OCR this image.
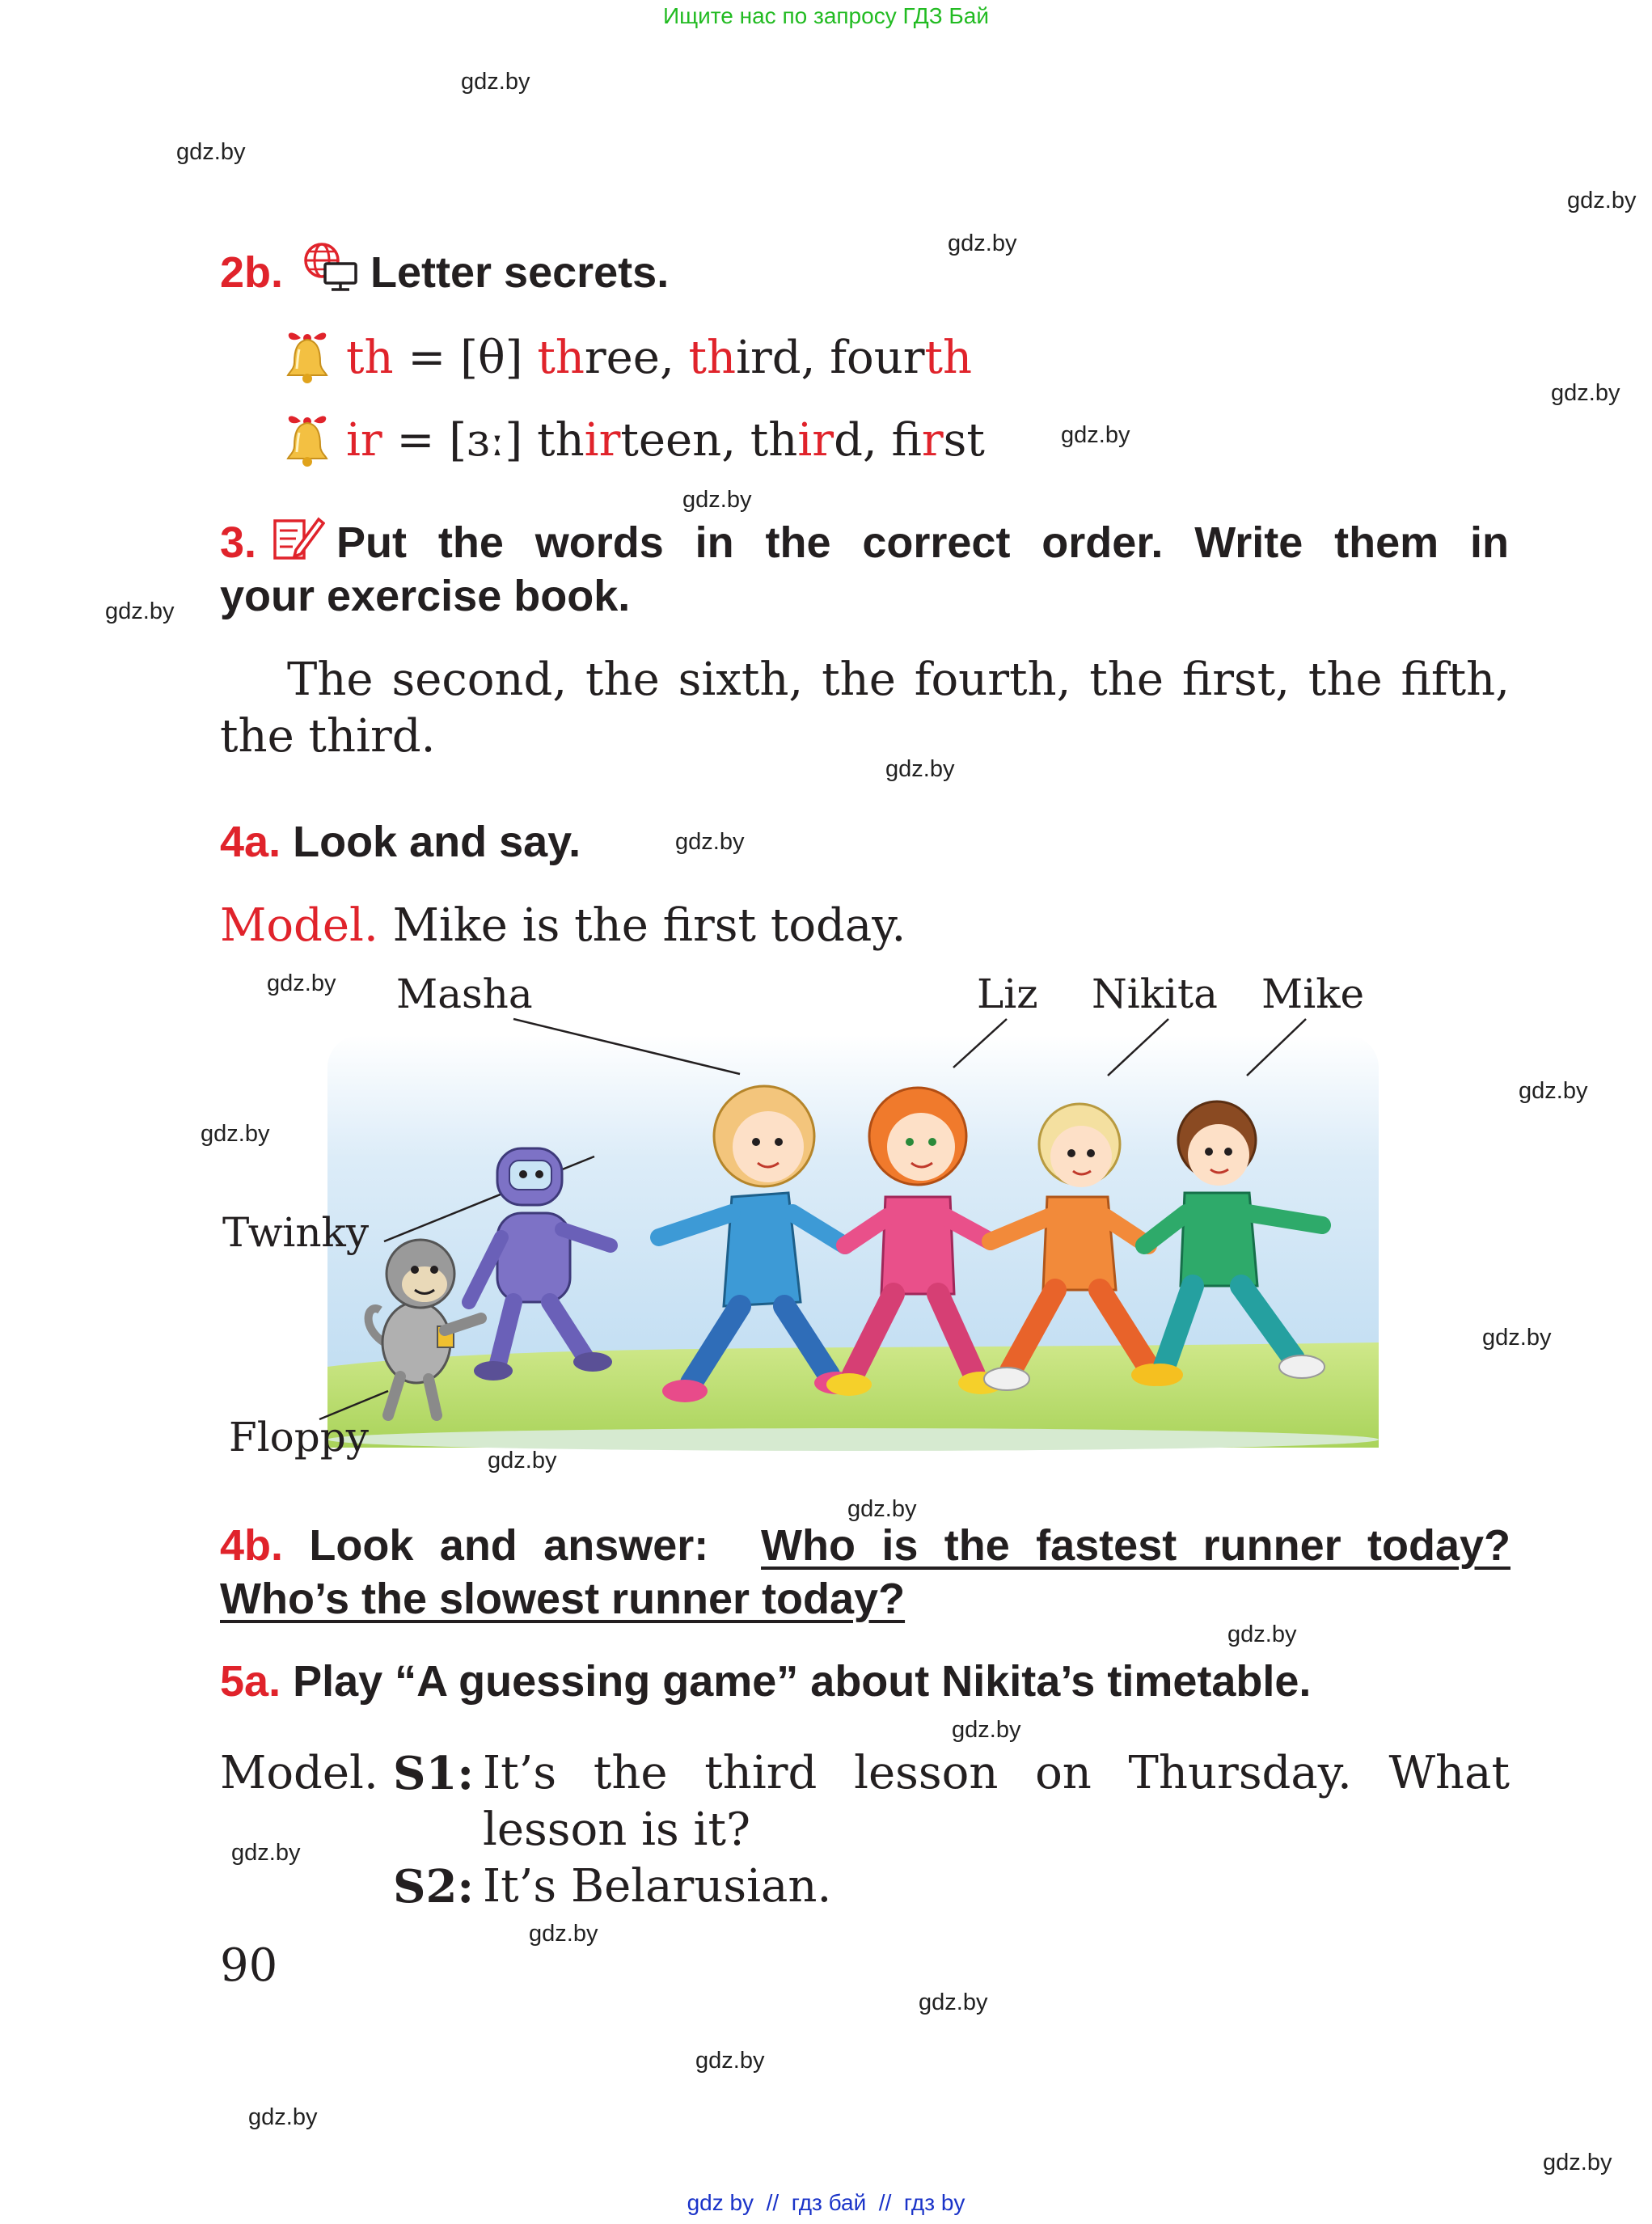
Ищите нас по запросу ГДЗ Бай
gdz.by
gdz.by
gdz.by
gdz.by
gdz.by
gdz.by
gdz.by
gdz.by
gdz.by
gdz.by
gdz.by
gdz.by
gdz.by
gdz.by
gdz.by
gdz.by
gdz.by
gdz.by
gdz.by
gdz.by
gdz.by
gdz.by
gdz.by
gdz.by
2b. Letter secrets.
th = [θ] three, third, fourth
ir = [ɜː] thirteen, third, first
3. Put the words in the correct order. Write them in
your exercise book.
The second, the sixth, the fourth, the first, the fifth,
the third.
4a. Look and say.
Model. Mike is the first today.
Masha	Liz Nikita Mike
Twinky
Floppy
4b. Look and answer:  Who is the fastest runner today?
Who’s the slowest runner today?
5a. Play “A guessing game” about Nikita’s timetable.
Model. S1: It’s the third lesson on Thursday. What
lesson is it?
S2: It’s Belarusian.
90
gdz by  //  гдз бай  //  гдз by
